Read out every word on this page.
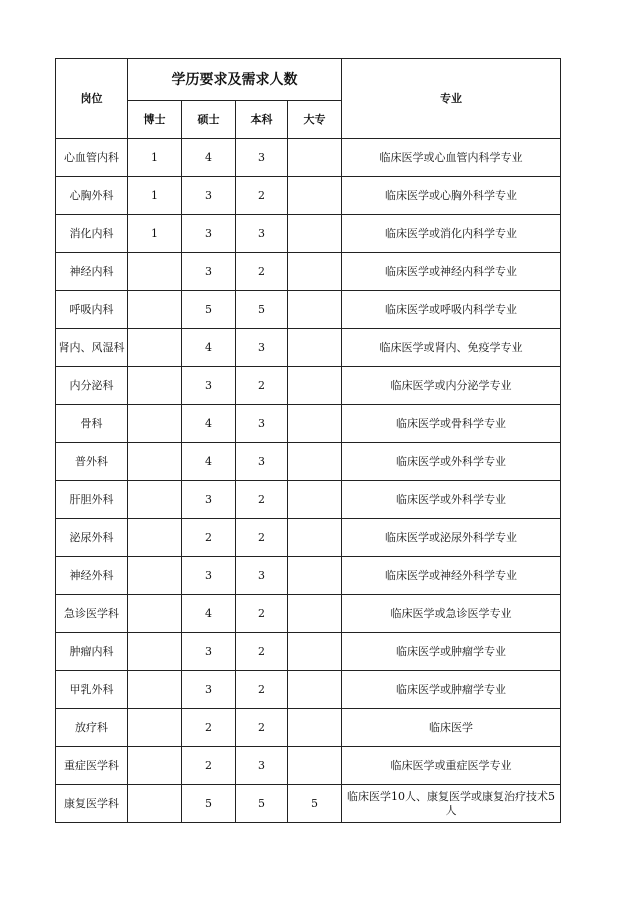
岗位	学历要求及需求人数				专业
	博士	硕士	本科	大专	
心血管内科	1	4	3		临床医学或心血管内科学专业
心胸外科	1	3	2		临床医学或心胸外科学专业
消化内科	1	3	3		临床医学或消化内科学专业
神经内科		3	2		临床医学或神经内科学专业
呼吸内科		5	5		临床医学或呼吸内科学专业
肾内、风湿科		4	3		临床医学或肾内、免疫学专业
内分泌科		3	2		临床医学或内分泌学专业
骨科		4	3		临床医学或骨科学专业
普外科		4	3		临床医学或外科学专业
肝胆外科		3	2		临床医学或外科学专业
泌尿外科		2	2		临床医学或泌尿外科学专业
神经外科		3	3		临床医学或神经外科学专业
急诊医学科		4	2		临床医学或急诊医学专业
肿瘤内科		3	2		临床医学或肿瘤学专业
甲乳外科		3	2		临床医学或肿瘤学专业
放疗科		2	2		临床医学
重症医学科		2	3		临床医学或重症医学专业
康复医学科		5	5	5	临床医学10人、康复医学或康复治疗技术5人
